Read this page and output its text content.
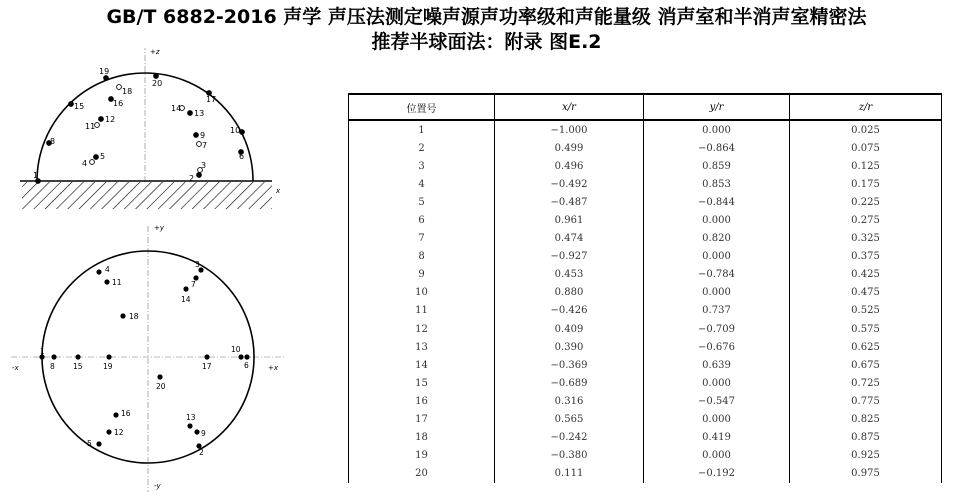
GB/T 6882-2016 声学 声压法测定噪声源声功率级和声能量级 消声室和半消声室精密法
推荐半球面法：附录 图E.2
+z
x
1	2
3
4
5	6
7
8
9
10
11
12
13
14
15	16	17
18
19
20
+y
-y
+x
-x
1
2
3
4
5
6
7
8
9
10
11
12
13
14
15
16
17
18
19
20
位置号	x/r	y/r	z/r
1	−1.000	0.000	0.025
2	0.499	−0.864	0.075
3	0.496	0.859	0.125
4	−0.492	0.853	0.175
5	−0.487	−0.844	0.225
6	0.961	0.000	0.275
7	0.474	0.820	0.325
8	−0.927	0.000	0.375
9	0.453	−0.784	0.425
10	0.880	0.000	0.475
11	−0.426	0.737	0.525
12	0.409	−0.709	0.575
13	0.390	−0.676	0.625
14	−0.369	0.639	0.675
15	−0.689	0.000	0.725
16	0.316	−0.547	0.775
17	0.565	0.000	0.825
18	−0.242	0.419	0.875
19	−0.380	0.000	0.925
20	0.111	−0.192	0.975
